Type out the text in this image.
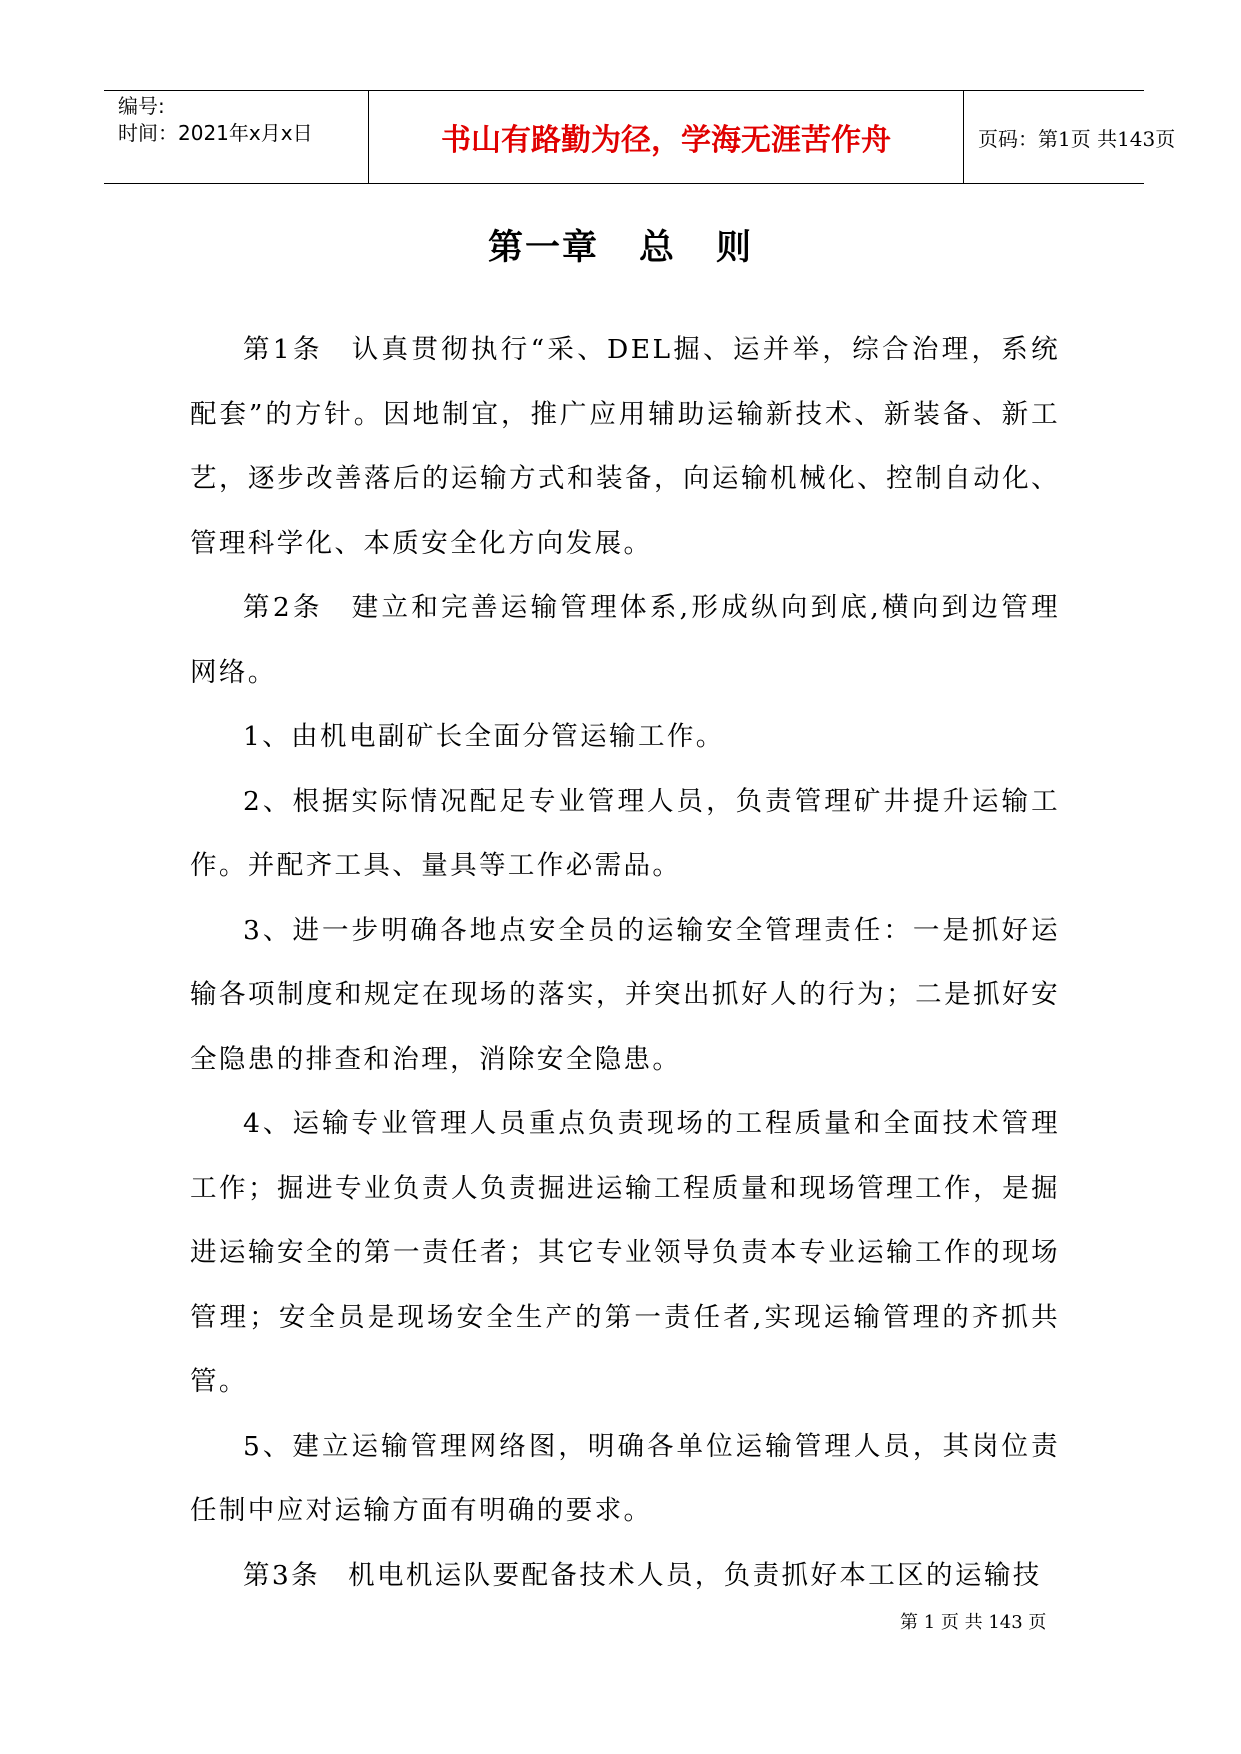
编号:
时间：2021年x月x日	书山有路勤为径，学海无涯苦作舟	页码：第1页 共143页
第一章 总 则

第1条 认真贯彻执行“采、DEL掘、运并举，综合治理，系统配套”的方针。因地制宜，推广应用辅助运输新技术、新装备、新工艺，逐步改善落后的运输方式和装备，向运输机械化、控制自动化、管理科学化、本质安全化方向发展。

第2条 建立和完善运输管理体系,形成纵向到底,横向到边管理网络。

1、由机电副矿长全面分管运输工作。

2、根据实际情况配足专业管理人员，负责管理矿井提升运输工作。并配齐工具、量具等工作必需品。

3、进一步明确各地点安全员的运输安全管理责任：一是抓好运输各项制度和规定在现场的落实，并突出抓好人的行为；二是抓好安全隐患的排查和治理，消除安全隐患。

4、运输专业管理人员重点负责现场的工程质量和全面技术管理工作；掘进专业负责人负责掘进运输工程质量和现场管理工作，是掘进运输安全的第一责任者；其它专业领导负责本专业运输工作的现场管理；安全员是现场安全生产的第一责任者,实现运输管理的齐抓共管。

5、建立运输管理网络图，明确各单位运输管理人员，其岗位责任制中应对运输方面有明确的要求。

第3条 机电机运队要配备技术人员，负责抓好本工区的运输技

第 1 页 共 143 页
